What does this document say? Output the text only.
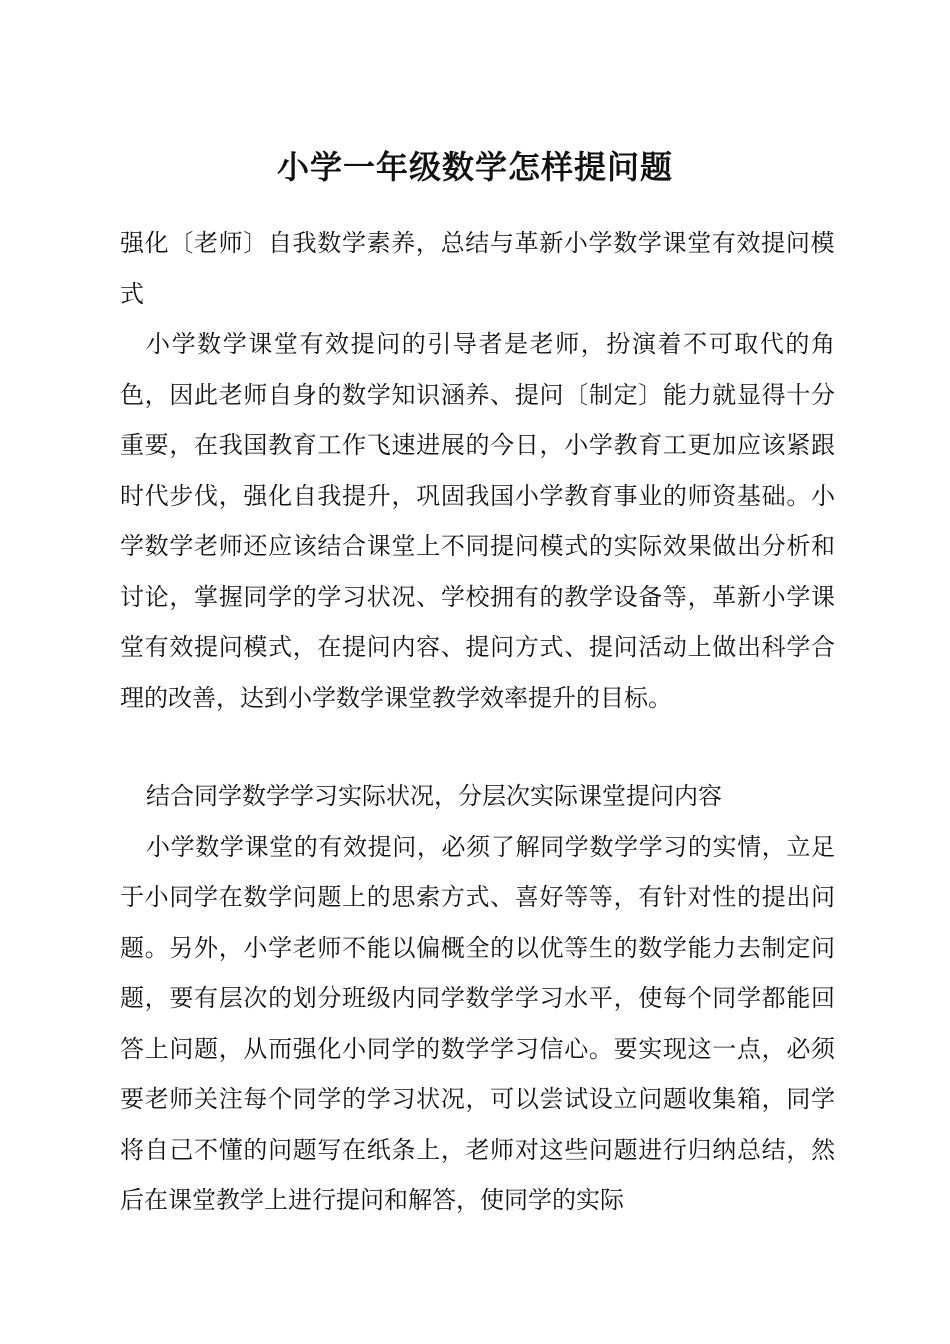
小学一年级数学怎样提问题

强化〔老师〕自我数学素养，总结与革新小学数学课堂有效提问模式

小学数学课堂有效提问的引导者是老师，扮演着不可取代的角色，因此老师自身的数学知识涵养、提问〔制定〕能力就显得十分重要，在我国教育工作飞速进展的今日，小学教育工更加应该紧跟时代步伐，强化自我提升，巩固我国小学教育事业的师资基础。小学数学老师还应该结合课堂上不同提问模式的实际效果做出分析和讨论，掌握同学的学习状况、学校拥有的教学设备等，革新小学课堂有效提问模式，在提问内容、提问方式、提问活动上做出科学合理的改善，达到小学数学课堂教学效率提升的目标。

结合同学数学学习实际状况，分层次实际课堂提问内容

小学数学课堂的有效提问，必须了解同学数学学习的实情，立足于小同学在数学问题上的思索方式、喜好等等，有针对性的提出问题。另外，小学老师不能以偏概全的以优等生的数学能力去制定问题，要有层次的划分班级内同学数学学习水平，使每个同学都能回答上问题，从而强化小同学的数学学习信心。要实现这一点，必须要老师关注每个同学的学习状况，可以尝试设立问题收集箱，同学将自己不懂的问题写在纸条上，老师对这些问题进行归纳总结，然后在课堂教学上进行提问和解答，使同学的实际
